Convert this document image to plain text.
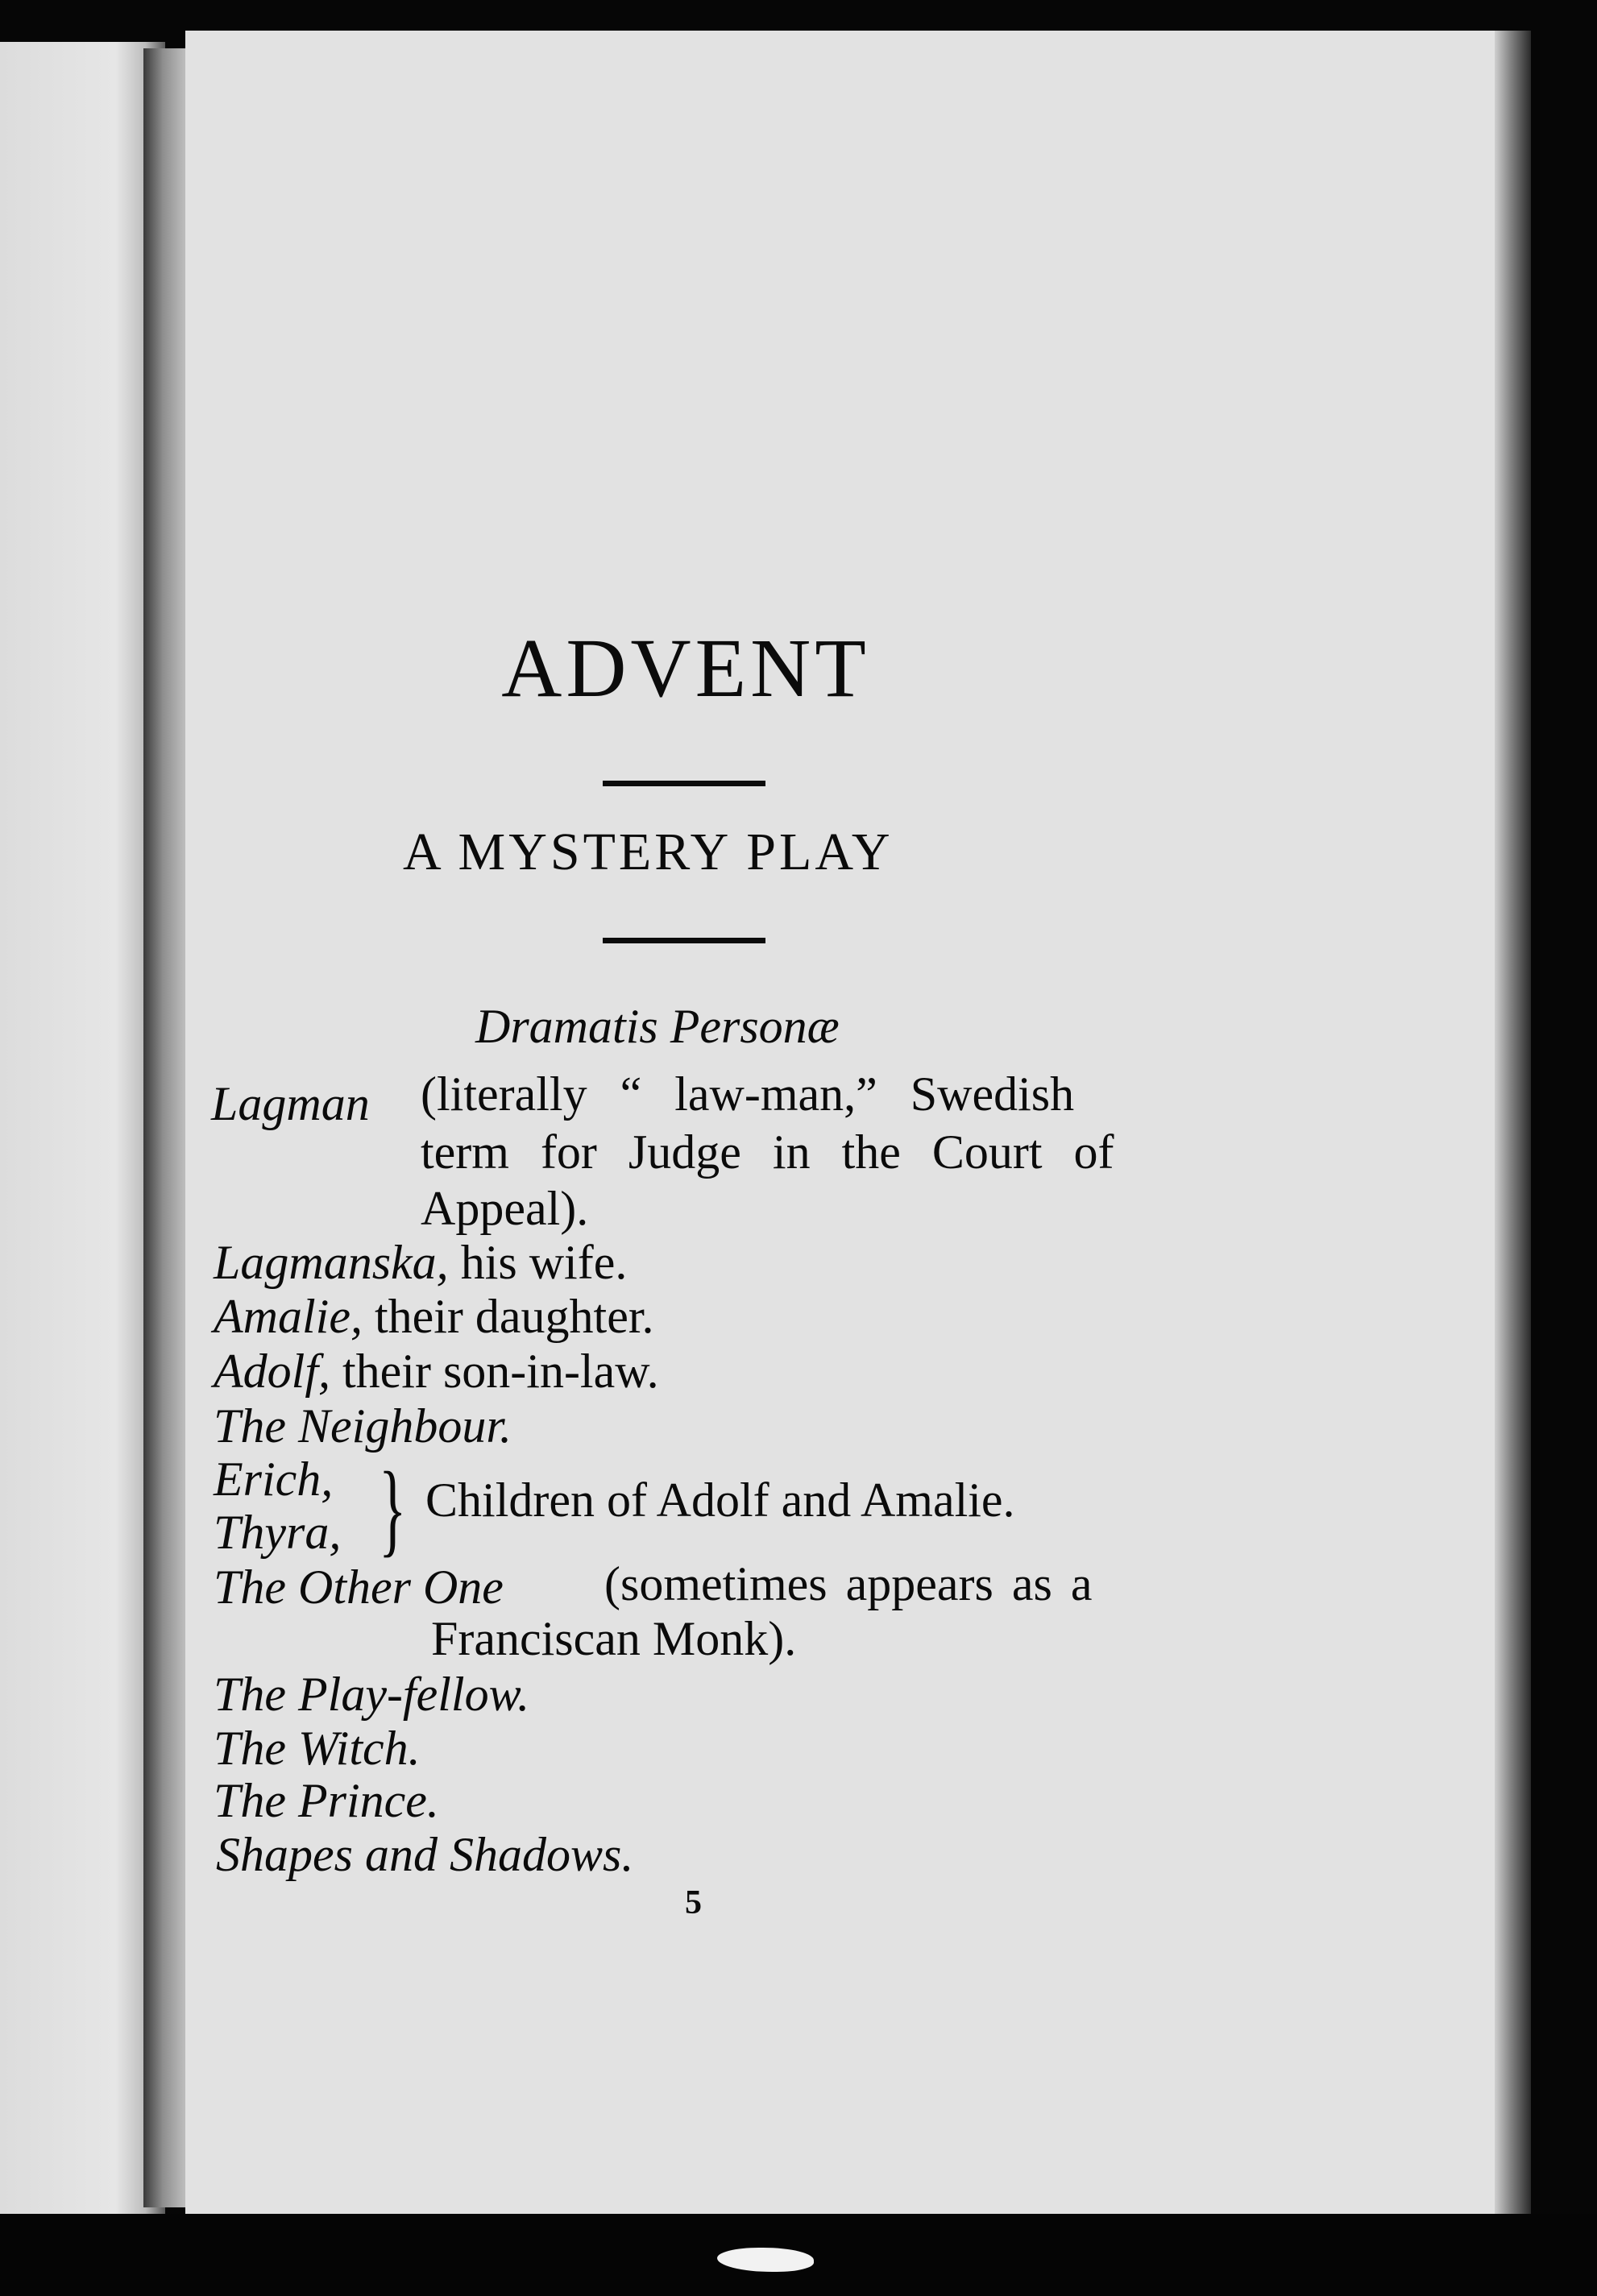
ADVENT
A MYSTERY PLAY
Dramatis Personæ
Lagman (literally “ law-man,” Swedish
term for Judge in the Court of
Appeal).
Lagmanska, his wife.
Amalie, their daughter.
Adolf, their son-in-law.
The Neighbour.
Erich,
Thyra, } Children of Adolf and Amalie.
The Other One (sometimes appears as a
Franciscan Monk).
The Play-fellow.
The Witch.
The Prince.
Shapes and Shadows.
5
